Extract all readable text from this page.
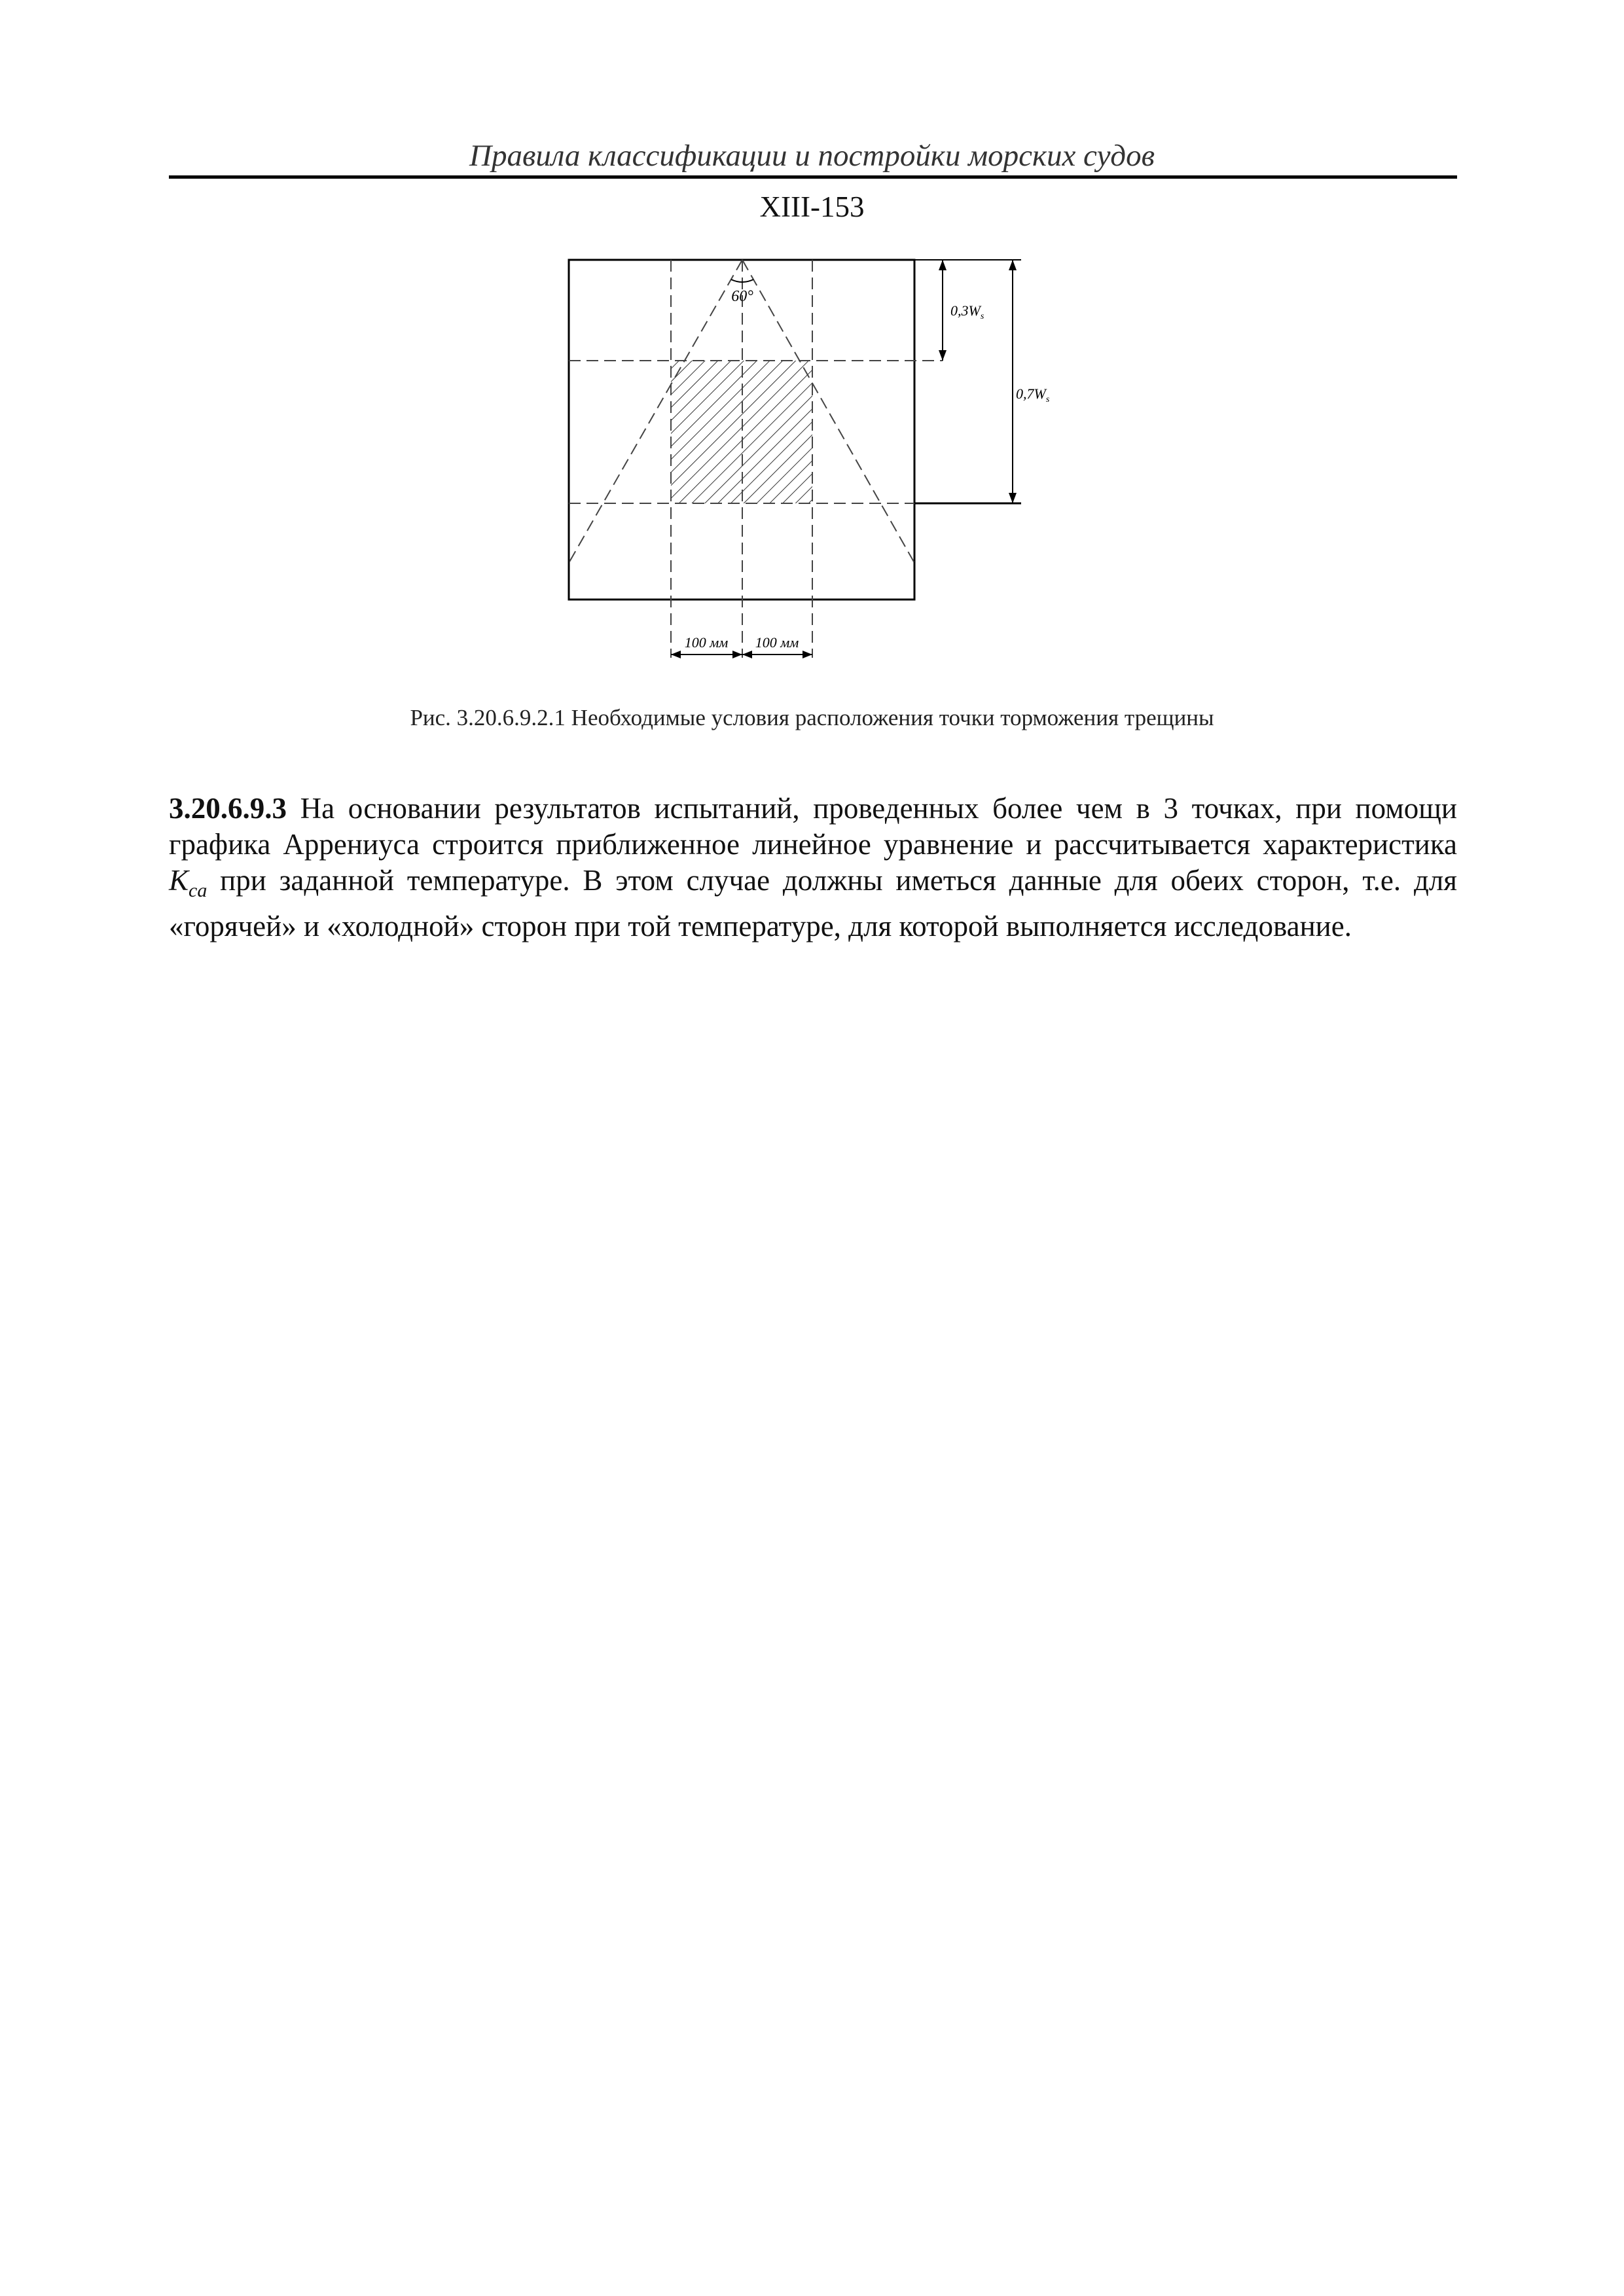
Правила классификации и постройки морских судов
XIII-153
60°
$0,3W_s$
$0,7W_s$
100 мм 100 мм
Рис. 3.20.6.9.2.1 Необходимые условия расположения точки торможения трещины
3.20.6.9.3 На основании результатов испытаний, проведенных более чем в 3 точках, при помощи графика Аррениуса строится приближенное линейное уравнение и рассчитывается характеристика $K_{ca}$ при заданной температуре. В этом случае должны иметься данные для обеих сторон, т.е. для «горячей» и «холодной» сторон при той температуре, для которой выполняется исследование.
